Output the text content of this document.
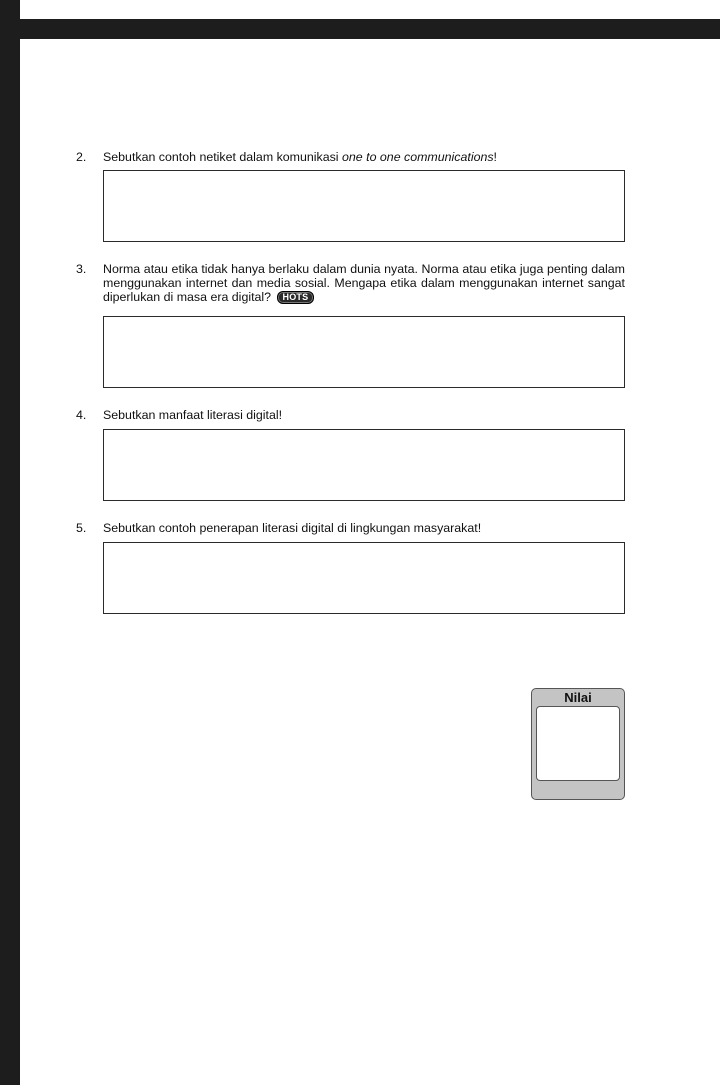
2. Sebutkan contoh netiket dalam komunikasi one to one communications!
3. Norma atau etika tidak hanya berlaku dalam dunia nyata. Norma atau etika juga penting dalam menggunakan internet dan media sosial. Mengapa etika dalam menggunakan internet sangat diperlukan di masa era digital? HOTS
4. Sebutkan manfaat literasi digital!
5. Sebutkan contoh penerapan literasi digital di lingkungan masyarakat!
Nilai
